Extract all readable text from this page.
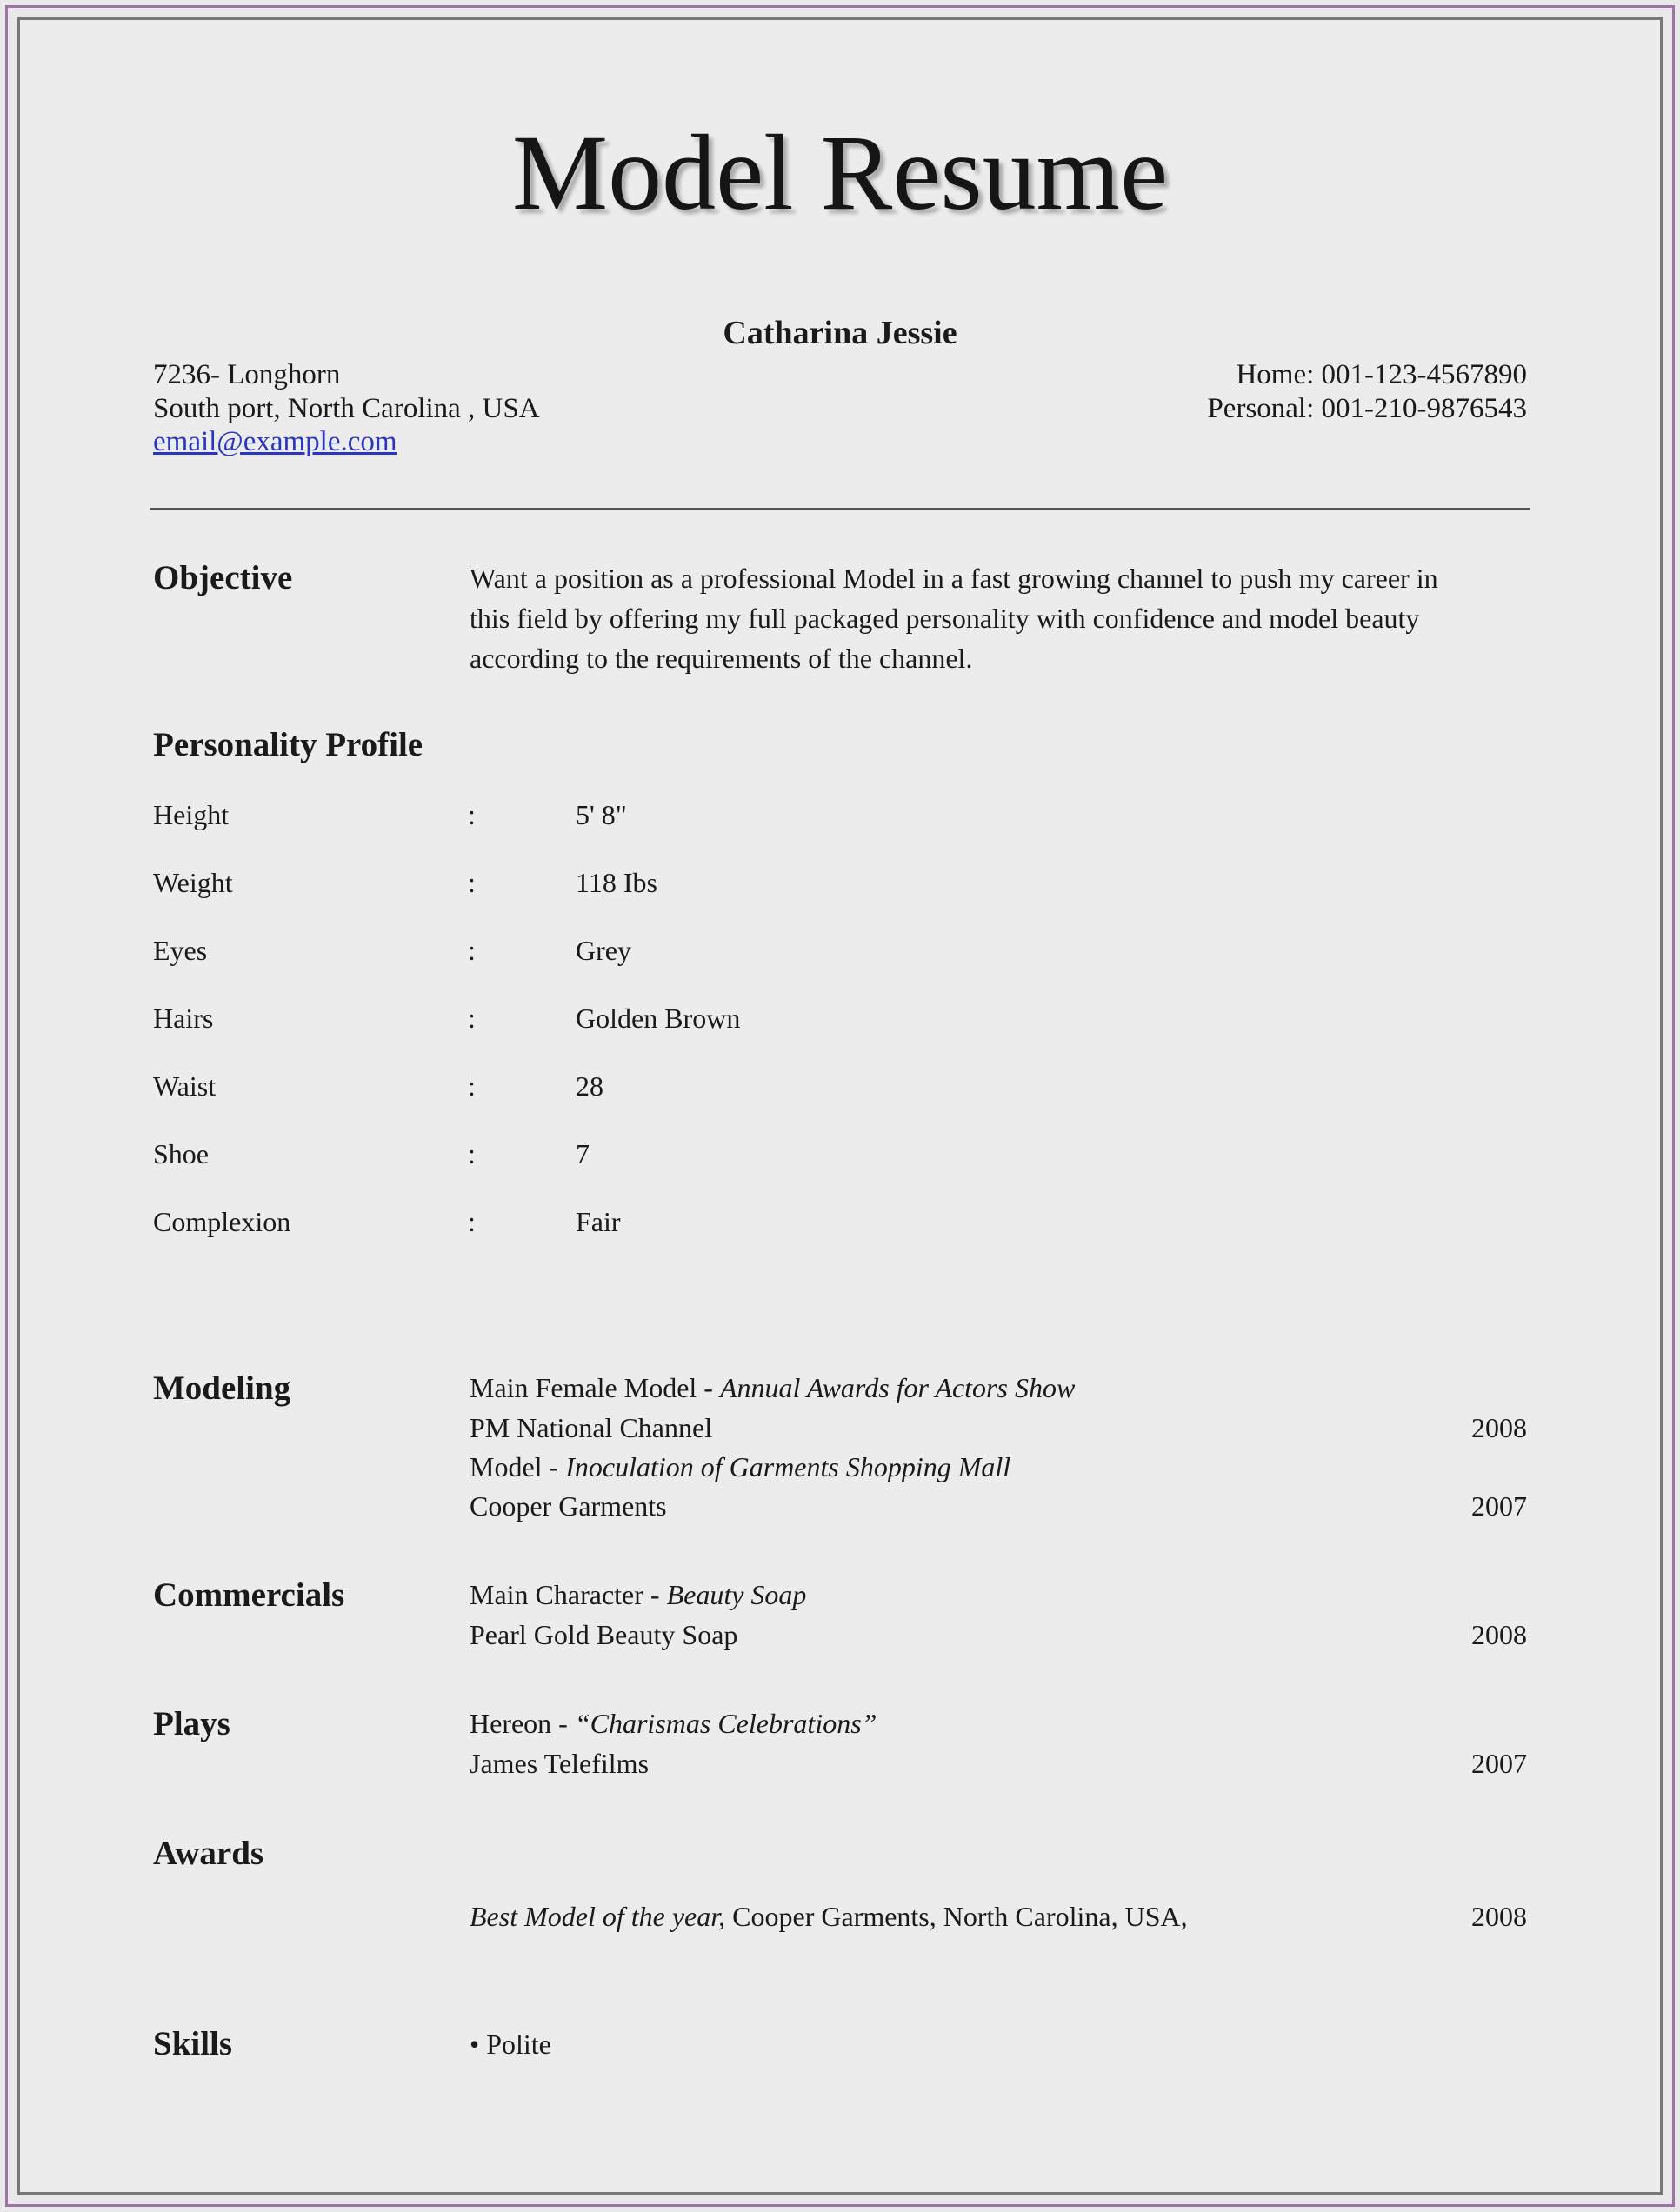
Model Resume
Catharina Jessie
7236- Longhorn
South port, North Carolina , USA
email@example.com
Home: 001-123-4567890
Personal: 001-210-9876543
Objective	Want a position as a professional Model in a fast growing channel to push my career in
this field by offering my full packaged personality with confidence and model beauty
according to the requirements of the channel.
Personality Profile
Height	:	5' 8"
Weight	:	118 Ibs
Eyes	:	Grey
Hairs	:	Golden Brown
Waist	:	28
Shoe	:	7
Complexion	:	Fair
Modeling	Main Female Model - Annual Awards for Actors Show
PM National Channel	2008
Model - Inoculation of Garments Shopping Mall
Cooper Garments	2007
Commercials	Main Character - Beauty Soap
Pearl Gold Beauty Soap	2008
Plays	Hereon - “Charismas Celebrations”
James Telefilms	2007
Awards
Best Model of the year, Cooper Garments, North Carolina, USA,	2008
Skills	• Polite
